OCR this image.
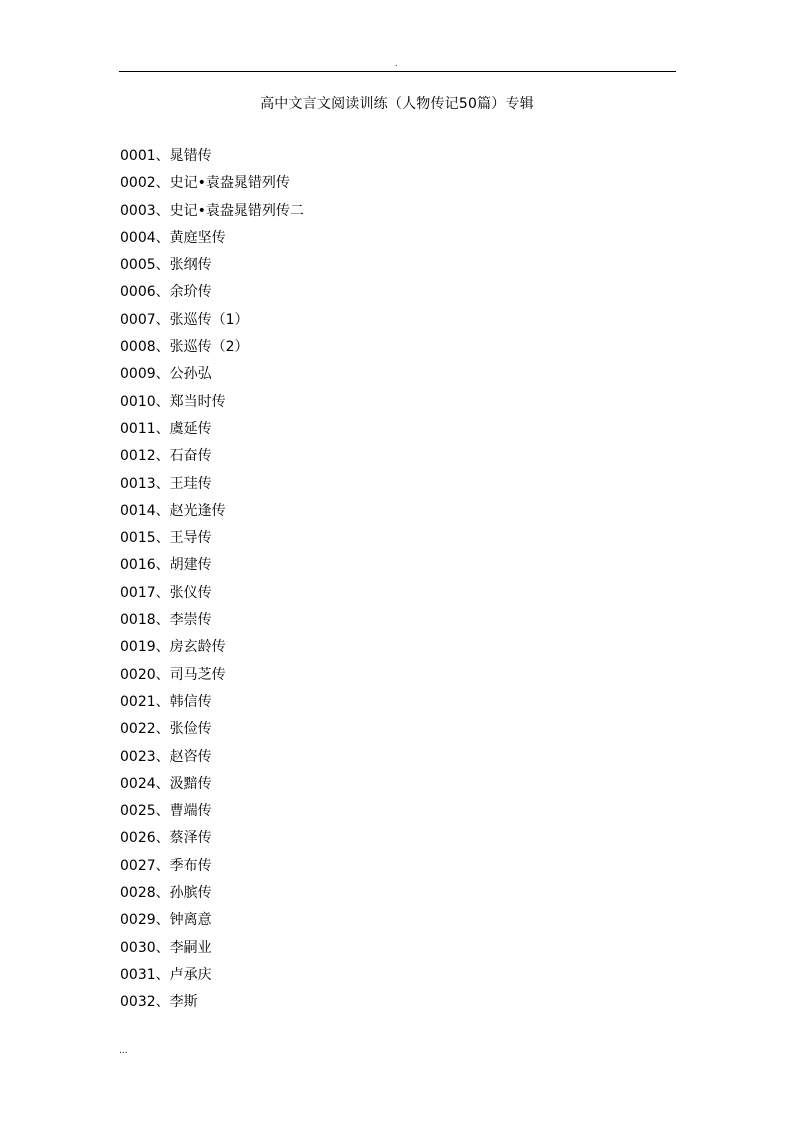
.
高中文言文阅读训练（人物传记50篇）专辑
0001、晁错传
0002、史记•袁盎晁错列传
0003、史记•袁盎晁错列传二
0004、黄庭坚传
0005、张纲传
0006、余玠传
0007、张巡传（1）
0008、张巡传（2）
0009、公孙弘
0010、郑当时传
0011、虞延传
0012、石奋传
0013、王珪传
0014、赵光逢传
0015、王导传
0016、胡建传
0017、张仪传
0018、李崇传
0019、房玄龄传
0020、司马芝传
0021、韩信传
0022、张俭传
0023、赵咨传
0024、汲黯传
0025、曹端传
0026、蔡泽传
0027、季布传
0028、孙膑传
0029、钟离意
0030、李嗣业
0031、卢承庆
0032、李斯
...
